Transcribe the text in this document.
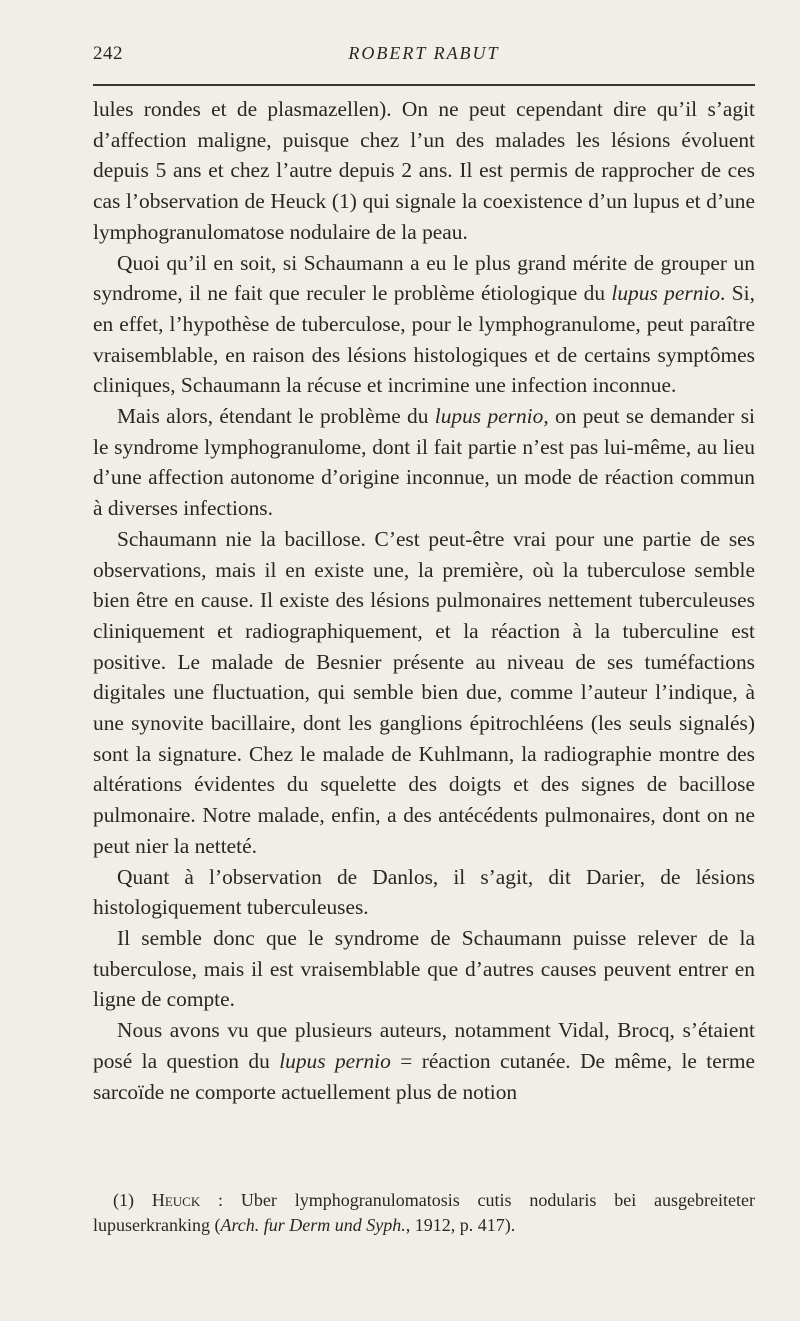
242	ROBERT RABUT

lules rondes et de plasmazellen). On ne peut cependant dire qu’il s’agit d’affection maligne, puisque chez l’un des malades les lésions évoluent depuis 5 ans et chez l’autre depuis 2 ans. Il est permis de rapprocher de ces cas l’observation de Heuck (1) qui signale la coexistence d’un lupus et d’une lymphogranulomatose nodulaire de la peau.

Quoi qu’il en soit, si Schaumann a eu le plus grand mérite de grouper un syndrome, il ne fait que reculer le problème étiologique du lupus pernio. Si, en effet, l’hypothèse de tuberculose, pour le lymphogranulome, peut paraître vraisemblable, en raison des lésions histologiques et de certains symptômes cliniques, Schaumann la récuse et incrimine une infection inconnue.

Mais alors, étendant le problème du lupus pernio, on peut se demander si le syndrome lymphogranulome, dont il fait partie n’est pas lui-même, au lieu d’une affection autonome d’origine inconnue, un mode de réaction commun à diverses infections.

Schaumann nie la bacillose. C’est peut-être vrai pour une partie de ses observations, mais il en existe une, la première, où la tuberculose semble bien être en cause. Il existe des lésions pulmonaires nettement tuberculeuses cliniquement et radiographiquement, et la réaction à la tuberculine est positive. Le malade de Besnier présente au niveau de ses tuméfactions digitales une fluctuation, qui semble bien due, comme l’auteur l’indique, à une synovite bacillaire, dont les ganglions épitrochléens (les seuls signalés) sont la signature. Chez le malade de Kuhlmann, la radiographie montre des altérations évidentes du squelette des doigts et des signes de bacillose pulmonaire. Notre malade, enfin, a des antécédents pulmonaires, dont on ne peut nier la netteté.

Quant à l’observation de Danlos, il s’agit, dit Darier, de lésions histologiquement tuberculeuses.

Il semble donc que le syndrome de Schaumann puisse relever de la tuberculose, mais il est vraisemblable que d’autres causes peuvent entrer en ligne de compte.

Nous avons vu que plusieurs auteurs, notamment Vidal, Brocq, s’étaient posé la question du lupus pernio = réaction cutanée. De même, le terme sarcoïde ne comporte actuellement plus de notion

(1) Heuck : Uber lymphogranulomatosis cutis nodularis bei ausgebreiteter lupuserkranking (Arch. fur Derm und Syph., 1912, p. 417).
